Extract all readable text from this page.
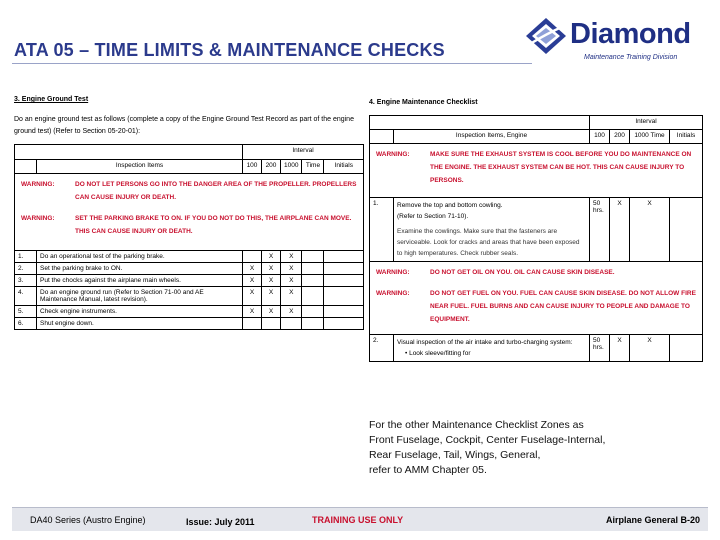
ATA 05 – TIME LIMITS & MAINTENANCE CHECKS	Diamond
Maintenance Training Division
3. Engine Ground Test
Do an engine ground test as follows (complete a copy of the Engine Ground Test Record as part of the engine ground test) (Refer to Section 05-20-01):
		Interval				
	Inspection Items	100	200	1000	Time	Initials

WARNING: DO NOT LET PERSONS GO INTO THE DANGER AREA OF THE PROPELLER. PROPELLERS CAN CAUSE INJURY OR DEATH.
WARNING: SET THE PARKING BRAKE TO ON. IF YOU DO NOT DO THIS, THE AIRPLANE CAN MOVE. THIS CAN CAUSE INJURY OR DEATH.						

1.	Do an operational test of the parking brake.		X	X		
2.	Set the parking brake to ON.	X	X	X		
3.	Put the chocks against the airplane main wheels.	X	X	X		
4.	Do an engine ground run (Refer to Section 71-00 and AE Maintenance Manual, latest revision).	X	X	X		
5.	Check engine instruments.	X	X	X		
6.	Shut engine down.					
4. Engine Maintenance Checklist
		Interval			
	Inspection Items, Engine	100	200	1000 Time	Initials

WARNING: MAKE SURE THE EXHAUST SYSTEM IS COOL BEFORE YOU DO MAINTENANCE ON THE ENGINE. THE EXHAUST SYSTEM CAN BE HOT. THIS CAN CAUSE INJURY TO PERSONS.					

1.	Remove the top and bottom cowling.
(Refer to Section 71-10).
Examine the cowlings. Make sure that the fasteners are serviceable. Look for cracks and areas that have been exposed to high temperatures. Check rubber seals.	50 hrs.	X	X	

WARNING: DO NOT GET OIL ON YOU. OIL CAN CAUSE SKIN DISEASE.
WARNING: DO NOT GET FUEL ON YOU. FUEL CAN CAUSE SKIN DISEASE. DO NOT ALLOW FIRE NEAR FUEL. FUEL BURNS AND CAN CAUSE INJURY TO PEOPLE AND DAMAGE TO EQUIPMENT.					

2.	Visual inspection of the air intake and turbo-charging system:
• Look sleeve/fitting for	50 hrs.	X	X	
For the other Maintenance Checklist Zones as
Front Fuselage, Cockpit, Center Fuselage-Internal,
Rear Fuselage, Tail, Wings, General,
refer to AMM Chapter 05.
DA40 Series (Austro Engine)	Issue: July 2011	TRAINING USE ONLY	Airplane General B-20
